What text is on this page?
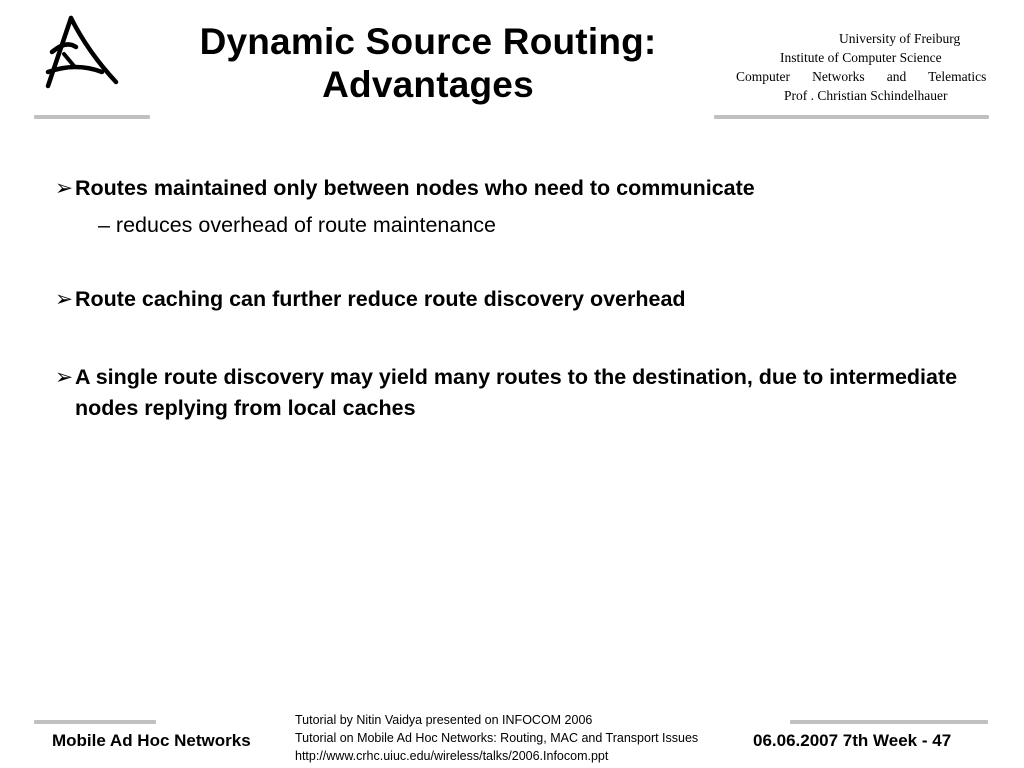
Dynamic Source Routing:
Advantages
University of Freiburg
Institute of Computer Science
Computer   Networks   and   Telematics
Prof . Christian Schindelhauer
➢ Routes maintained only between nodes who need to communicate
– reduces overhead of route maintenance
➢ Route caching can further reduce route discovery overhead
➢ A single route discovery may yield many routes to the destination, due to intermediate nodes replying from local caches
Mobile Ad Hoc Networks
Tutorial by Nitin Vaidya presented on INFOCOM 2006
Tutorial on Mobile Ad Hoc Networks: Routing, MAC and Transport Issues
http://www.crhc.uiuc.edu/wireless/talks/2006.Infocom.ppt
06.06.2007 7th Week - 47
